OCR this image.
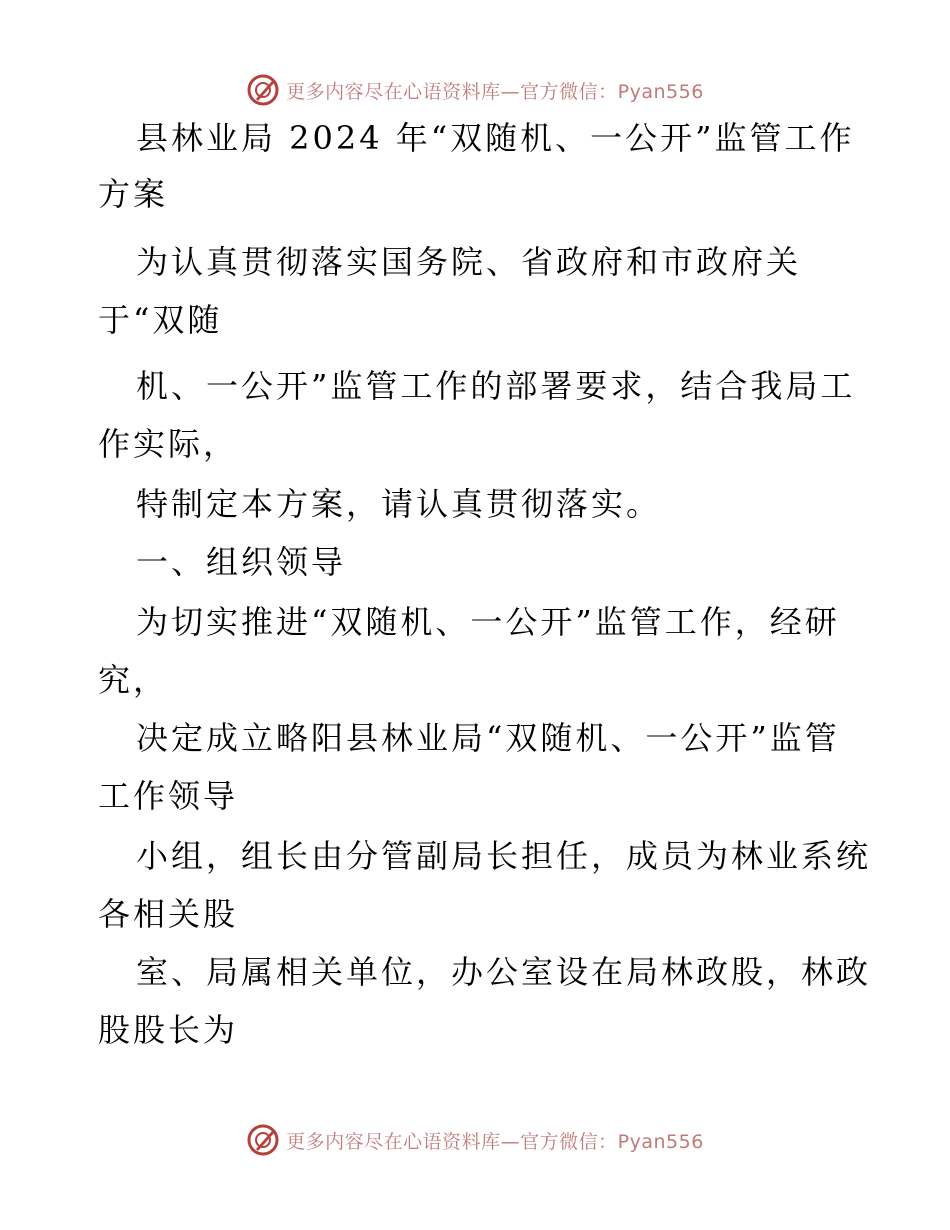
更多内容尽在心语资料库—官方微信：Pyan556
县林业局 2024 年“双随机、一公开”监管工作
方案
为认真贯彻落实国务院、省政府和市政府关
于“双随
机、一公开”监管工作的部署要求，结合我局工
作实际，
特制定本方案，请认真贯彻落实。
一、组织领导
为切实推进“双随机、一公开”监管工作，经研
究，
决定成立略阳县林业局“双随机、一公开”监管
工作领导
小组，组长由分管副局长担任，成员为林业系统
各相关股
室、局属相关单位，办公室设在局林政股，林政
股股长为
更多内容尽在心语资料库—官方微信：Pyan556
